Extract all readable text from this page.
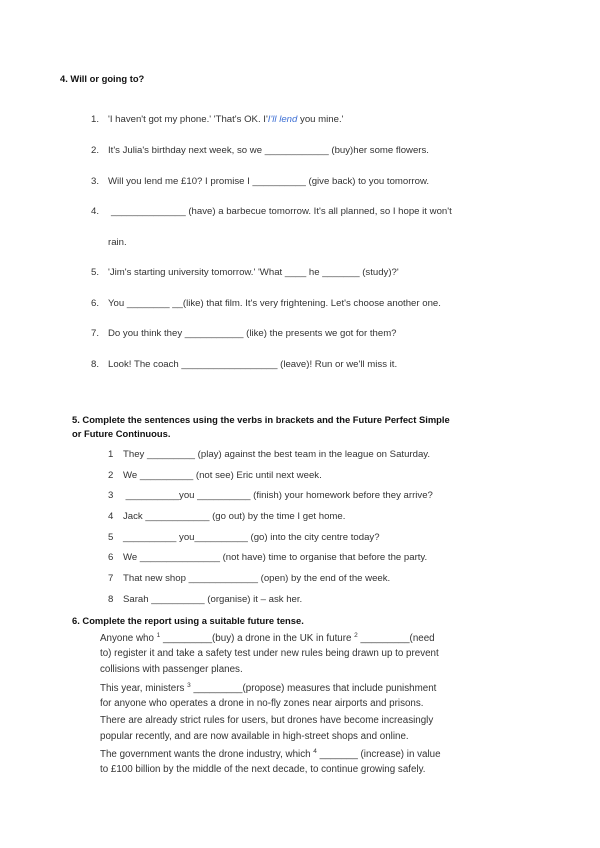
4. Will or going to?
1. 'I haven't got my phone.' 'That's OK. I'I'll lend you mine.'
2. It's Julia's birthday next week, so we ____________ (buy)her some flowers.
3. Will you lend me £10? I promise I __________ (give back) to you tomorrow.
4. ______________ (have) a barbecue tomorrow. It's all planned, so I hope it won't
rain.
5. 'Jim's starting university tomorrow.' 'What ____ he _______ (study)?'
6. You ________ __(like) that film. It's very frightening. Let's choose another one.
7. Do you think they ___________ (like) the presents we got for them?
8. Look! The coach __________________ (leave)! Run or we'll miss it.
5. Complete the sentences using the verbs in brackets and the Future Perfect Simple
or Future Continuous.
1 They _________ (play) against the best team in the league on Saturday.
2 We __________ (not see) Eric until next week.
3 __________you __________ (finish) your homework before they arrive?
4 Jack ____________ (go out) by the time I get home.
5 __________ you__________ (go) into the city centre today?
6 We _______________ (not have) time to organise that before the party.
7 That new shop _____________ (open) by the end of the week.
8 Sarah __________ (organise) it – ask her.
6. Complete the report using a suitable future tense.
Anyone who $^1$ _________(buy) a drone in the UK in future $^2$ _________(need
to) register it and take a safety test under new rules being drawn up to prevent
collisions with passenger planes.
This year, ministers $^3$ _________(propose) measures that include punishment
for anyone who operates a drone in no-fly zones near airports and prisons.
There are already strict rules for users, but drones have become increasingly
popular recently, and are now available in high-street shops and online.
The government wants the drone industry, which $^4$ _______ (increase) in value
to £100 billion by the middle of the next decade, to continue growing safely.
